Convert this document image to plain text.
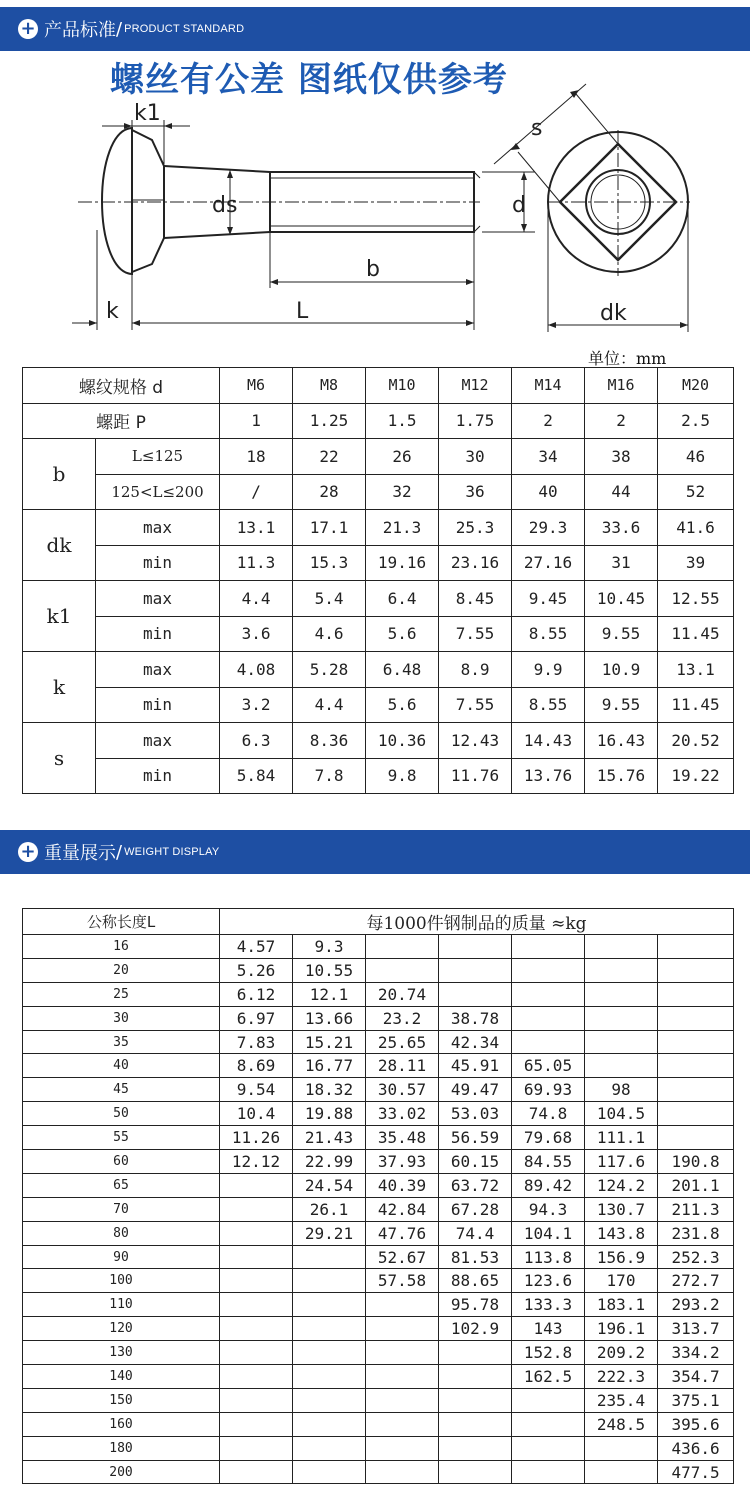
+ 产品标准 / PRODUCT STANDARD
螺丝有公差 图纸仅供参考
k1
ds	d
b
k	L
s
dk
单位：mm
螺纹规格 d		M6	M8	M10	M12	M14	M16	M20
螺距 P		1	1.25	1.5	1.75	2	2	2.5
b	L≤125	18	22	26	30	34	38	46
	125<L≤200	/	28	32	36	40	44	52
dk	max	13.1	17.1	21.3	25.3	29.3	33.6	41.6
	min	11.3	15.3	19.16	23.16	27.16	31	39
k1	max	4.4	5.4	6.4	8.45	9.45	10.45	12.55
	min	3.6	4.6	5.6	7.55	8.55	9.55	11.45
k	max	4.08	5.28	6.48	8.9	9.9	10.9	13.1
	min	3.2	4.4	5.6	7.55	8.55	9.55	11.45
s	max	6.3	8.36	10.36	12.43	14.43	16.43	20.52
	min	5.84	7.8	9.8	11.76	13.76	15.76	19.22
+ 重量展示 / WEIGHT DISPLAY
公称长度L	每1000件钢制品的质量 ≈kg						
16	4.57	9.3					
20	5.26	10.55					
25	6.12	12.1	20.74				
30	6.97	13.66	23.2	38.78			
35	7.83	15.21	25.65	42.34			
40	8.69	16.77	28.11	45.91	65.05		
45	9.54	18.32	30.57	49.47	69.93	98	
50	10.4	19.88	33.02	53.03	74.8	104.5	
55	11.26	21.43	35.48	56.59	79.68	111.1	
60	12.12	22.99	37.93	60.15	84.55	117.6	190.8
65		24.54	40.39	63.72	89.42	124.2	201.1
70		26.1	42.84	67.28	94.3	130.7	211.3
80		29.21	47.76	74.4	104.1	143.8	231.8
90			52.67	81.53	113.8	156.9	252.3
100			57.58	88.65	123.6	170	272.7
110				95.78	133.3	183.1	293.2
120				102.9	143	196.1	313.7
130					152.8	209.2	334.2
140					162.5	222.3	354.7
150						235.4	375.1
160						248.5	395.6
180							436.6
200							477.5
